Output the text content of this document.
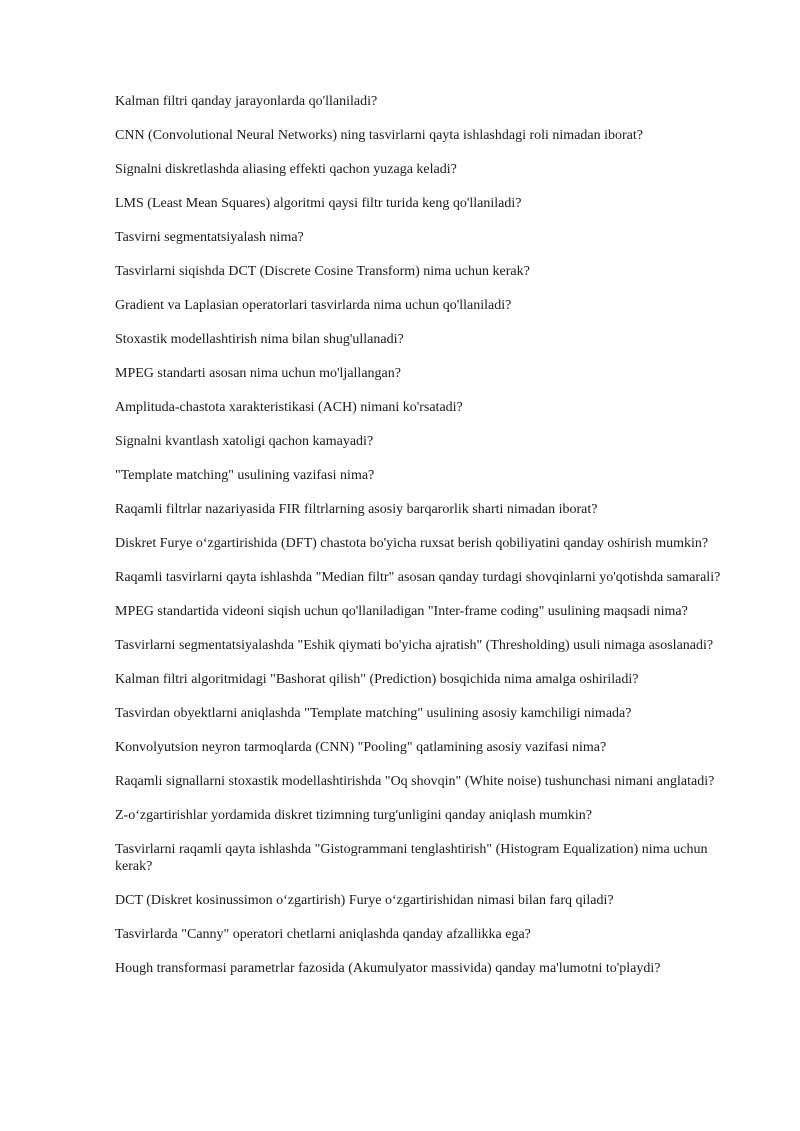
Kalman filtri qanday jarayonlarda qo'llaniladi?
CNN (Convolutional Neural Networks) ning tasvirlarni qayta ishlashdagi roli nimadan iborat?
Signalni diskretlashda aliasing effekti qachon yuzaga keladi?
LMS (Least Mean Squares) algoritmi qaysi filtr turida keng qo'llaniladi?
Tasvirni segmentatsiyalash nima?
Tasvirlarni siqishda DCT (Discrete Cosine Transform) nima uchun kerak?
Gradient va Laplasian operatorlari tasvirlarda nima uchun qo'llaniladi?
Stoxastik modellashtirish nima bilan shug'ullanadi?
MPEG standarti asosan nima uchun mo'ljallangan?
Amplituda-chastota xarakteristikasi (ACH) nimani ko'rsatadi?
Signalni kvantlash xatoligi qachon kamayadi?
"Template matching" usulining vazifasi nima?
Raqamli filtrlar nazariyasida FIR filtrlarning asosiy barqarorlik sharti nimadan iborat?
Diskret Furye oʻzgartirishida (DFT) chastota bo'yicha ruxsat berish qobiliyatini qanday oshirish mumkin?
Raqamli tasvirlarni qayta ishlashda "Median filtr" asosan qanday turdagi shovqinlarni yo'qotishda samarali?
MPEG standartida videoni siqish uchun qo'llaniladigan "Inter-frame coding" usulining maqsadi nima?
Tasvirlarni segmentatsiyalashda "Eshik qiymati bo'yicha ajratish" (Thresholding) usuli nimaga asoslanadi?
Kalman filtri algoritmidagi "Bashorat qilish" (Prediction) bosqichida nima amalga oshiriladi?
Tasvirdan obyektlarni aniqlashda "Template matching" usulining asosiy kamchiligi nimada?
Konvolyutsion neyron tarmoqlarda (CNN) "Pooling" qatlamining asosiy vazifasi nima?
Raqamli signallarni stoxastik modellashtirishda "Oq shovqin" (White noise) tushunchasi nimani anglatadi?
Z-oʻzgartirishlar yordamida diskret tizimning turg'unligini qanday aniqlash mumkin?
Tasvirlarni raqamli qayta ishlashda "Gistogrammani tenglashtirish" (Histogram Equalization) nima uchun kerak?
DCT (Diskret kosinussimon oʻzgartirish) Furye oʻzgartirishidan nimasi bilan farq qiladi?
Tasvirlarda "Canny" operatori chetlarni aniqlashda qanday afzallikka ega?
Hough transformasi parametrlar fazosida (Akumulyator massivida) qanday ma'lumotni to'playdi?
